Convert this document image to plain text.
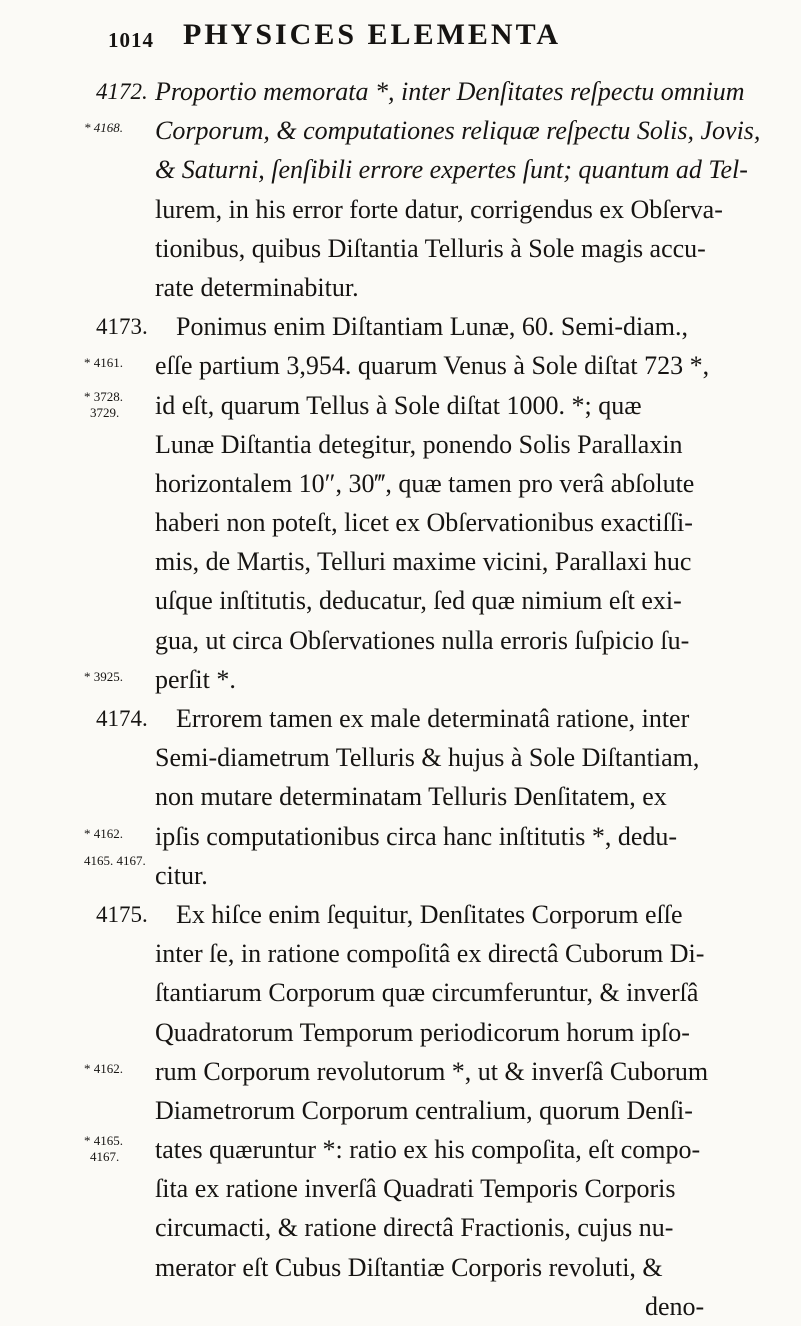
1014 PHYSICES ELEMENTA
4172. Proportio memorata *, inter Denſitates reſpectu omnium
* 4168. Corporum, & computationes reliquæ reſpectu Solis, Jovis,
& Saturni, ſenſibili errore expertes ſunt; quantum ad Tel-
lurem, in his error forte datur, corrigendus ex Obſerva-
tionibus, quibus Diſtantia Telluris à Sole magis accu-
rate determinabitur.
4173. Ponimus enim Diſtantiam Lunæ, 60. Semi-diam.,
* 4161. eſſe partium 3,954. quarum Venus à Sole diſtat 723 *,
* 3728.
3729. id eſt, quarum Tellus à Sole diſtat 1000. *; quæ
Lunæ Diſtantia detegitur, ponendo Solis Parallaxin
horizontalem 10″, 30‴, quæ tamen pro verâ abſolute
haberi non poteſt, licet ex Obſervationibus exactiſſi-
mis, de Martis, Telluri maxime vicini, Parallaxi huc
uſque inſtitutis, deducatur, ſed quæ nimium eſt exi-
gua, ut circa Obſervationes nulla erroris ſuſpicio ſu-
* 3925. perſit *.
4174. Errorem tamen ex male determinatâ ratione, inter
Semi-diametrum Telluris & hujus à Sole Diſtantiam,
non mutare determinatam Telluris Denſitatem, ex
* 4162. ipſis computationibus circa hanc inſtitutis *, dedu-
4165. 4167.
citur.
4175. Ex hiſce enim ſequitur, Denſitates Corporum eſſe
inter ſe, in ratione compoſitâ ex directâ Cuborum Di-
ſtantiarum Corporum quæ circumferuntur, & inverſâ
Quadratorum Temporum periodicorum horum ipſo-
* 4162. rum Corporum revolutorum *, ut & inverſâ Cuborum
Diametrorum Corporum centralium, quorum Denſi-
* 4165.
4167. tates quæruntur *: ratio ex his compoſita, eſt compo-
ſita ex ratione inverſâ Quadrati Temporis Corporis
circumacti, & ratione directâ Fractionis, cujus nu-
merator eſt Cubus Diſtantiæ Corporis revoluti, &
deno-
